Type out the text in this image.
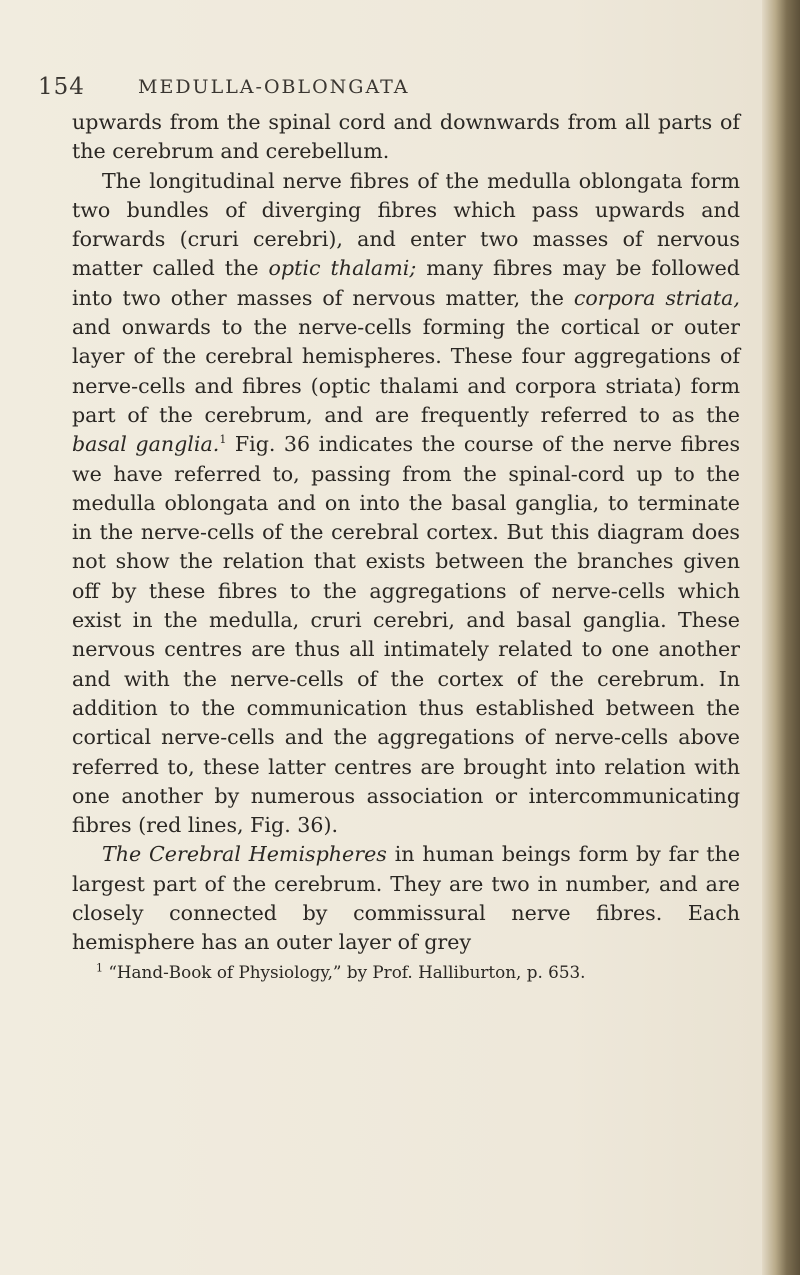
154	MEDULLA-OBLONGATA

upwards from the spinal cord and downwards from all parts of the cerebrum and cerebellum.

The longitudinal nerve fibres of the medulla oblongata form two bundles of diverging fibres which pass upwards and forwards (cruri cerebri), and enter two masses of nervous matter called the optic thalami; many fibres may be followed into two other masses of nervous matter, the corpora striata, and onwards to the nerve-cells forming the cortical or outer layer of the cerebral hemispheres. These four aggregations of nerve-cells and fibres (optic thalami and corpora striata) form part of the cerebrum, and are frequently referred to as the basal ganglia.$^1$ Fig. 36 indicates the course of the nerve fibres we have referred to, passing from the spinal-cord up to the medulla oblongata and on into the basal ganglia, to terminate in the nerve-cells of the cerebral cortex. But this diagram does not show the relation that exists between the branches given off by these fibres to the aggregations of nerve-cells which exist in the medulla, cruri cerebri, and basal ganglia. These nervous centres are thus all intimately related to one another and with the nerve-cells of the cortex of the cerebrum. In addition to the communication thus established between the cortical nerve-cells and the aggregations of nerve-cells above referred to, these latter centres are brought into relation with one another by numerous association or intercommunicating fibres (red lines, Fig. 36).

The Cerebral Hemispheres in human beings form by far the largest part of the cerebrum. They are two in number, and are closely connected by commissural nerve fibres. Each hemisphere has an outer layer of grey

$^1$ “Hand-Book of Physiology,” by Prof. Halliburton, p. 653.
